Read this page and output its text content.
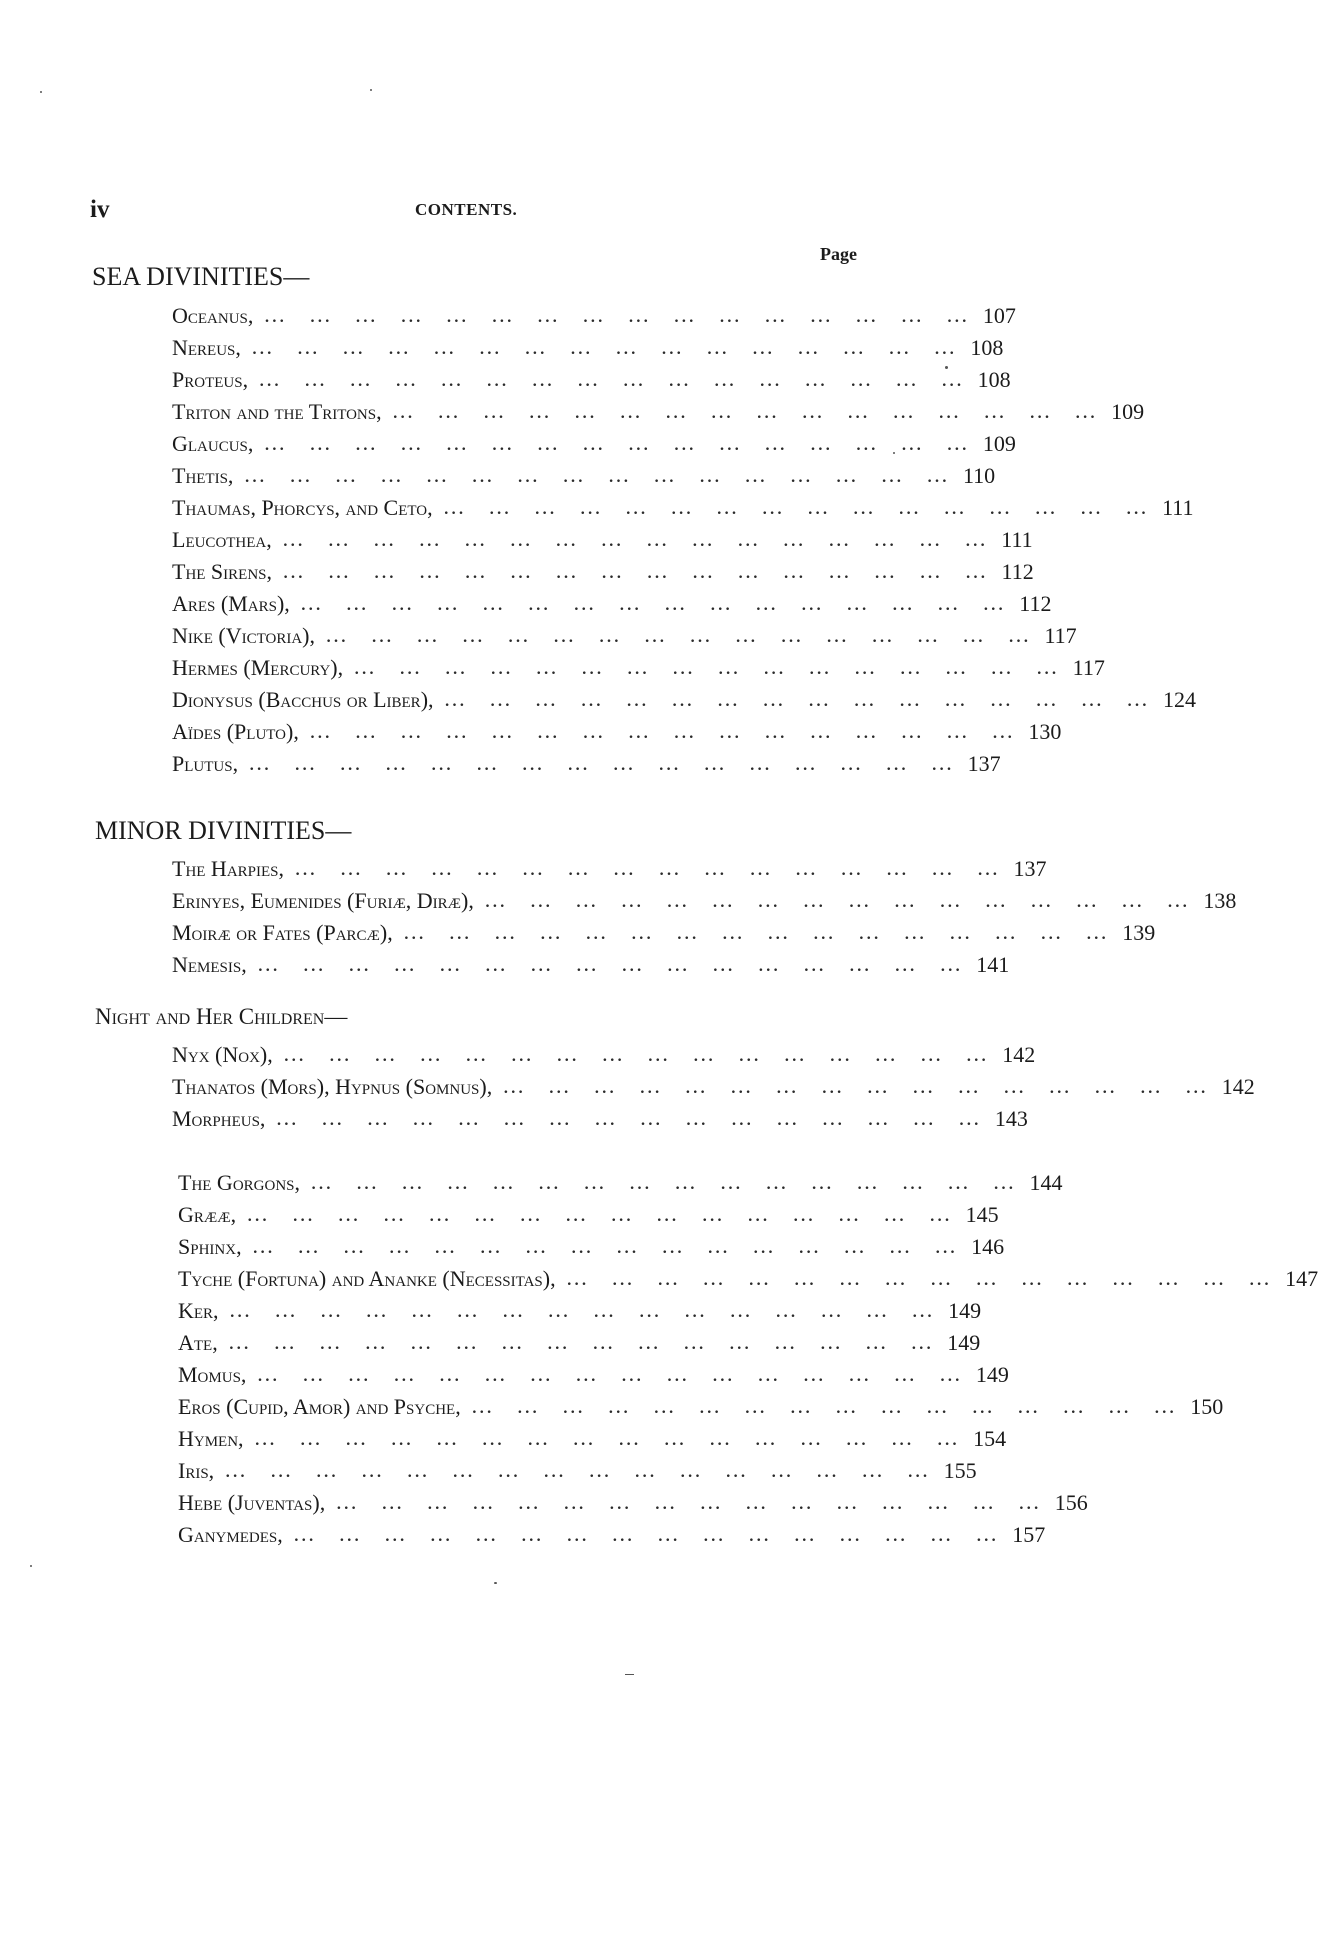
iv	CONTENTS.
Page
SEA DIVINITIES—
Oceanus, … … … … … … … … … … … … … … … … 107
Nereus, … … … … … … … … … … … … … … … … 108
Proteus, … … … … … … … … … … … … … … … … 108
Triton and the Tritons, … … … … … … … … … … … … … … … … 109
Glaucus, … … … … … … … … … … … … … … … … 109
Thetis, … … … … … … … … … … … … … … … … 110
Thaumas, Phorcys, and Ceto, … … … … … … … … … … … … … … … … 111
Leucothea, … … … … … … … … … … … … … … … … 111
The Sirens, … … … … … … … … … … … … … … … … 112
Ares (Mars), … … … … … … … … … … … … … … … … 112
Nike (Victoria), … … … … … … … … … … … … … … … … 117
Hermes (Mercury), … … … … … … … … … … … … … … … … 117
Dionysus (Bacchus or Liber), … … … … … … … … … … … … … … … … 124
Aïdes (Pluto), … … … … … … … … … … … … … … … … 130
Plutus, … … … … … … … … … … … … … … … … 137
MINOR DIVINITIES—
The Harpies, … … … … … … … … … … … … … … … … 137
Erinyes, Eumenides (Furiæ, Diræ), … … … … … … … … … … … … … … … … 138
Moiræ or Fates (Parcæ), … … … … … … … … … … … … … … … … 139
Nemesis, … … … … … … … … … … … … … … … … 141
Night and Her Children—
Nyx (Nox), … … … … … … … … … … … … … … … … 142
Thanatos (Mors), Hypnus (Somnus), … … … … … … … … … … … … … … … … 142
Morpheus, … … … … … … … … … … … … … … … … 143
The Gorgons, … … … … … … … … … … … … … … … … 144
Grææ, … … … … … … … … … … … … … … … … 145
Sphinx, … … … … … … … … … … … … … … … … 146
Tyche (Fortuna) and Ananke (Necessitas), … … … … … … … … … … … … … … … … 147
Ker, … … … … … … … … … … … … … … … … 149
Ate, … … … … … … … … … … … … … … … … 149
Momus, … … … … … … … … … … … … … … … … 149
Eros (Cupid, Amor) and Psyche, … … … … … … … … … … … … … … … … 150
Hymen, … … … … … … … … … … … … … … … … 154
Iris, … … … … … … … … … … … … … … … … 155
Hebe (Juventas), … … … … … … … … … … … … … … … … 156
Ganymedes, … … … … … … … … … … … … … … … … 157
